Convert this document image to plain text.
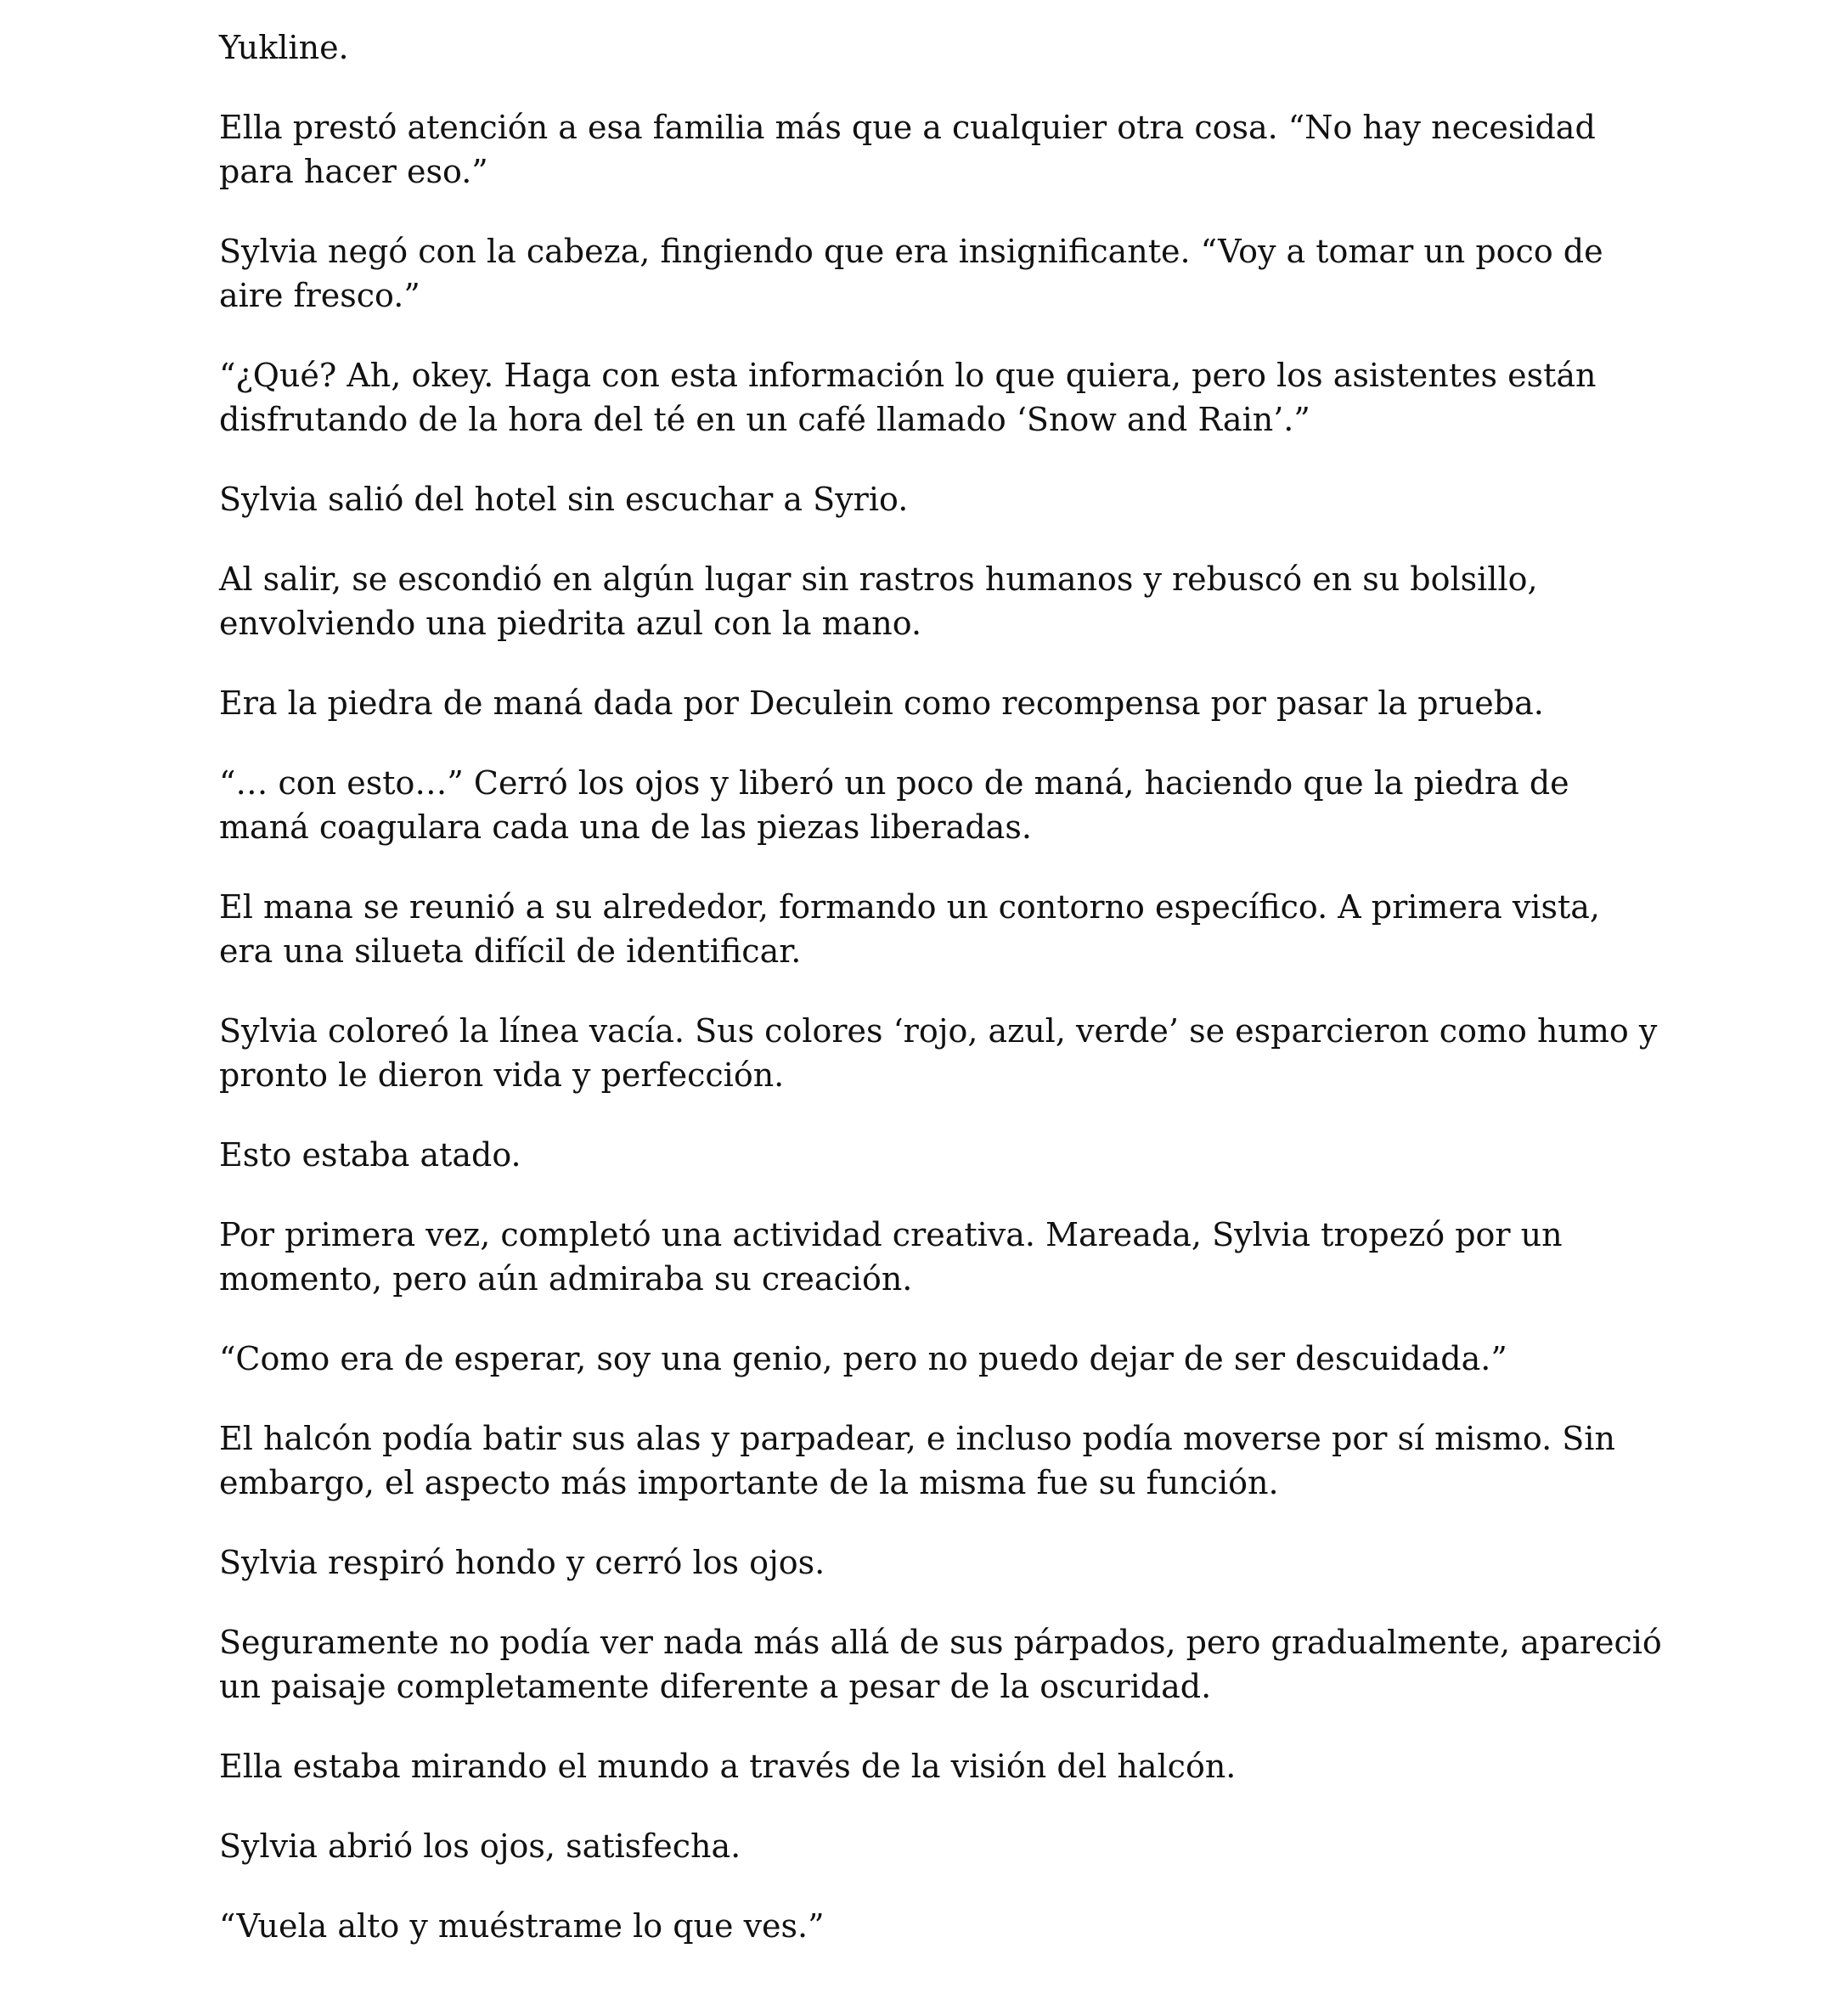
Yukline.

Ella prestó atención a esa familia más que a cualquier otra cosa. “No hay necesidad para hacer eso.”

Sylvia negó con la cabeza, fingiendo que era insignificante. “Voy a tomar un poco de aire fresco.”

“¿Qué? Ah, okey. Haga con esta información lo que quiera, pero los asistentes están disfrutando de la hora del té en un café llamado ‘Snow and Rain’.”

Sylvia salió del hotel sin escuchar a Syrio.

Al salir, se escondió en algún lugar sin rastros humanos y rebuscó en su bolsillo, envolviendo una piedrita azul con la mano.

Era la piedra de maná dada por Deculein como recompensa por pasar la prueba.

“… con esto…” Cerró los ojos y liberó un poco de maná, haciendo que la piedra de maná coagulara cada una de las piezas liberadas.

El mana se reunió a su alrededor, formando un contorno específico. A primera vista, era una silueta difícil de identificar.

Sylvia coloreó la línea vacía. Sus colores ‘rojo, azul, verde’ se esparcieron como humo y pronto le dieron vida y perfección.

Esto estaba atado.

Por primera vez, completó una actividad creativa. Mareada, Sylvia tropezó por un momento, pero aún admiraba su creación.

“Como era de esperar, soy una genio, pero no puedo dejar de ser descuidada.”

El halcón podía batir sus alas y parpadear, e incluso podía moverse por sí mismo. Sin embargo, el aspecto más importante de la misma fue su función.

Sylvia respiró hondo y cerró los ojos.

Seguramente no podía ver nada más allá de sus párpados, pero gradualmente, apareció un paisaje completamente diferente a pesar de la oscuridad.

Ella estaba mirando el mundo a través de la visión del halcón.

Sylvia abrió los ojos, satisfecha.

“Vuela alto y muéstrame lo que ves.”
